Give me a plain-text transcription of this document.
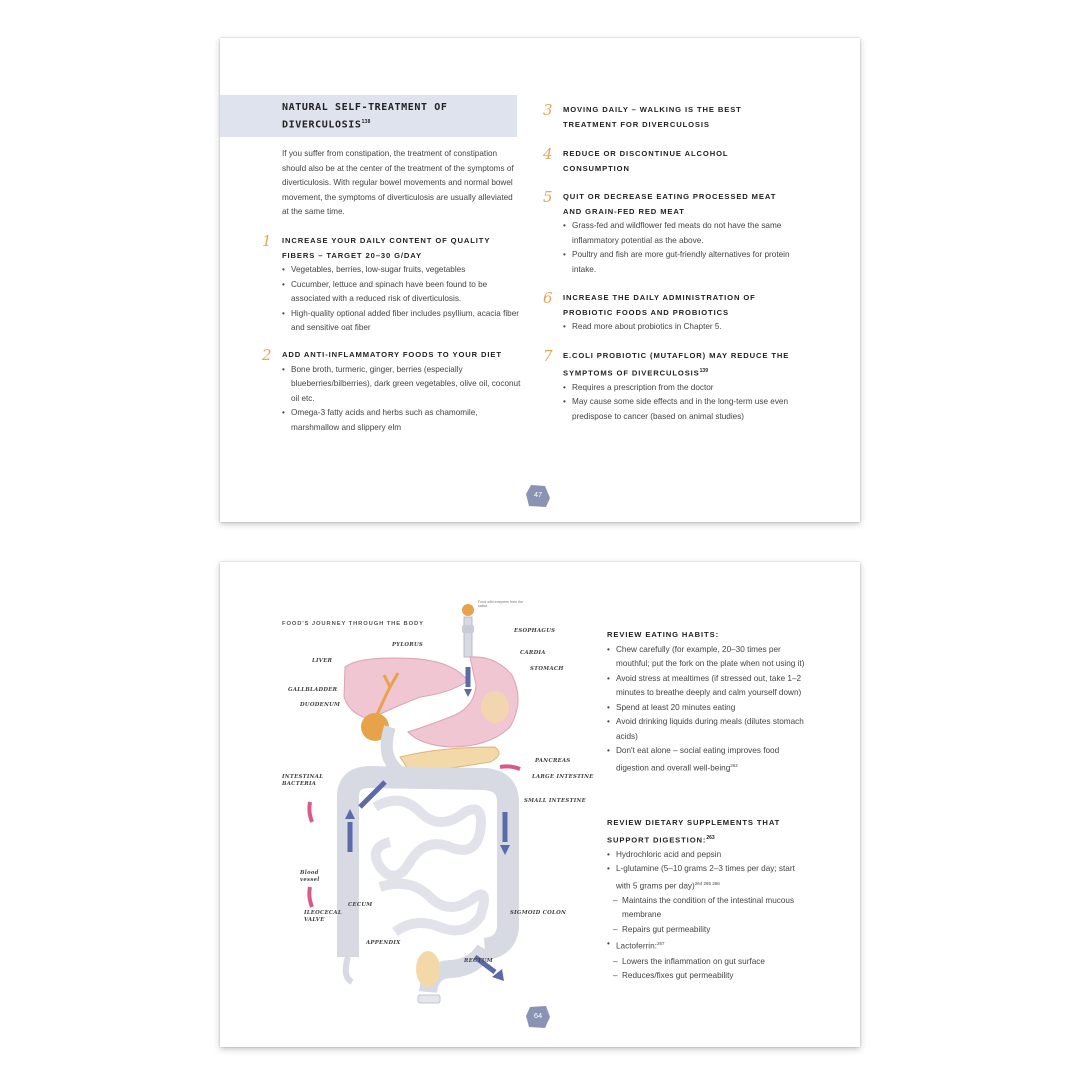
NATURAL SELF-TREATMENT OF DIVERCULOSIS$^{138}$
If you suffer from constipation, the treatment of constipation should also be at the center of the treatment of the symptoms of diverticulosis. With regular bowel movements and normal bowel movement, the symptoms of diverticulosis are usually alleviated at the same time.
1 INCREASE YOUR DAILY CONTENT OF QUALITY FIBERS – TARGET 20–30 G/DAY
• Vegetables, berries, low-sugar fruits, vegetables
• Cucumber, lettuce and spinach have been found to be associated with a reduced risk of diverticulosis.
• High-quality optional added fiber includes psyllium, acacia fiber and sensitive oat fiber
2 ADD ANTI-INFLAMMATORY FOODS TO YOUR DIET
• Bone broth, turmeric, ginger, berries (especially blueberries/bilberries), dark green vegetables, olive oil, coconut oil etc.
• Omega-3 fatty acids and herbs such as chamomile, marshmallow and slippery elm
3 MOVING DAILY – WALKING IS THE BEST TREATMENT FOR DIVERCULOSIS
4 REDUCE OR DISCONTINUE ALCOHOL CONSUMPTION
5 QUIT OR DECREASE EATING PROCESSED MEAT AND GRAIN-FED RED MEAT
• Grass-fed and wildflower fed meats do not have the same inflammatory potential as the above.
• Poultry and fish are more gut-friendly alternatives for protein intake.
6 INCREASE THE DAILY ADMINISTRATION OF PROBIOTIC FOODS AND PROBIOTICS
• Read more about probiotics in Chapter 5.
7 E.COLI PROBIOTIC (MUTAFLOR) MAY REDUCE THE SYMPTOMS OF DIVERCULOSIS$^{139}$
• Requires a prescription from the doctor
• May cause some side effects and in the long-term use even predispose to cancer (based on animal studies)
47
FOOD'S JOURNEY THROUGH THE BODY
Food with enzymes from the saliva
ESOPHAGUS
CARDIA
STOMACH
PYLORUS
LIVER
GALLBLADDER
DUODENUM
PANCREAS
LARGE INTESTINE
INTESTINAL BACTERIA
SMALL INTESTINE
ILEOCECAL VALVE
CECUM
APPENDIX
SIGMOID COLON
RECTUM
Blood vessel
REVIEW EATING HABITS:
• Chew carefully (for example, 20–30 times per mouthful; put the fork on the plate when not using it)
• Avoid stress at mealtimes (if stressed out, take 1–2 minutes to breathe deeply and calm yourself down)
• Spend at least 20 minutes eating
• Avoid drinking liquids during meals (dilutes stomach acids)
• Don't eat alone – social eating improves food digestion and overall well-being$^{262}$
REVIEW DIETARY SUPPLEMENTS THAT SUPPORT DIGESTION:$^{263}$
• Hydrochloric acid and pepsin
• L-glutamine (5–10 grams 2–3 times per day; start with 5 grams per day)$^{264 265 266}$
– Maintains the condition of the intestinal mucous membrane
– Repairs gut permeability
• Lactoferrin:$^{267}$
– Lowers the inflammation on gut surface
– Reduces/fixes gut permeability
64
